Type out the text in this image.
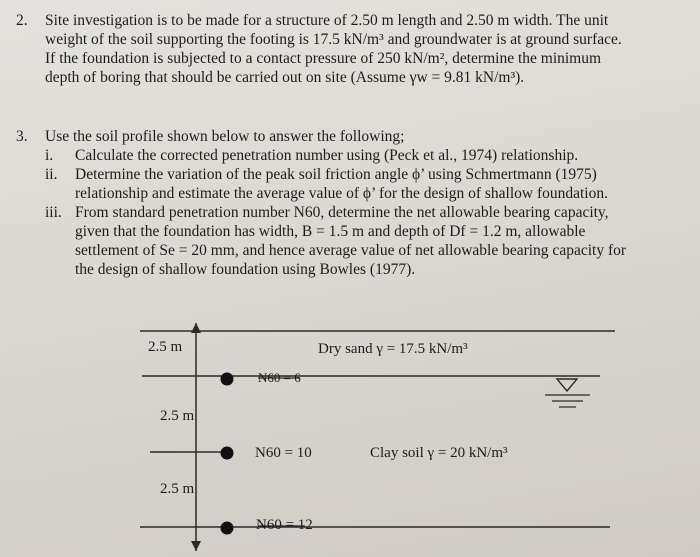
2. Site investigation is to be made for a structure of 2.50 m length and 2.50 m width. The unit
weight of the soil supporting the footing is 17.5 kN/m³ and groundwater is at ground surface.
If the foundation is subjected to a contact pressure of 250 kN/m², determine the minimum
depth of boring that should be carried out on site (Assume γw = 9.81 kN/m³).
3. Use the soil profile shown below to answer the following;
i. Calculate the corrected penetration number using (Peck et al., 1974) relationship.
ii. Determine the variation of the peak soil friction angle ϕ’ using Schmertmann (1975)
relationship and estimate the average value of ϕ’ for the design of shallow foundation.
iii. From standard penetration number N60, determine the net allowable bearing capacity,
given that the foundation has width, B = 1.5 m and depth of Df = 1.2 m, allowable
settlement of Se = 20 mm, and hence average value of net allowable bearing capacity for
the design of shallow foundation using Bowles (1977).
2.5 m	Dry sand γ = 17.5 kN/m³
N60 = 6
2.5 m
N60 = 10	Clay soil γ = 20 kN/m³
2.5 m
N60 = 12
